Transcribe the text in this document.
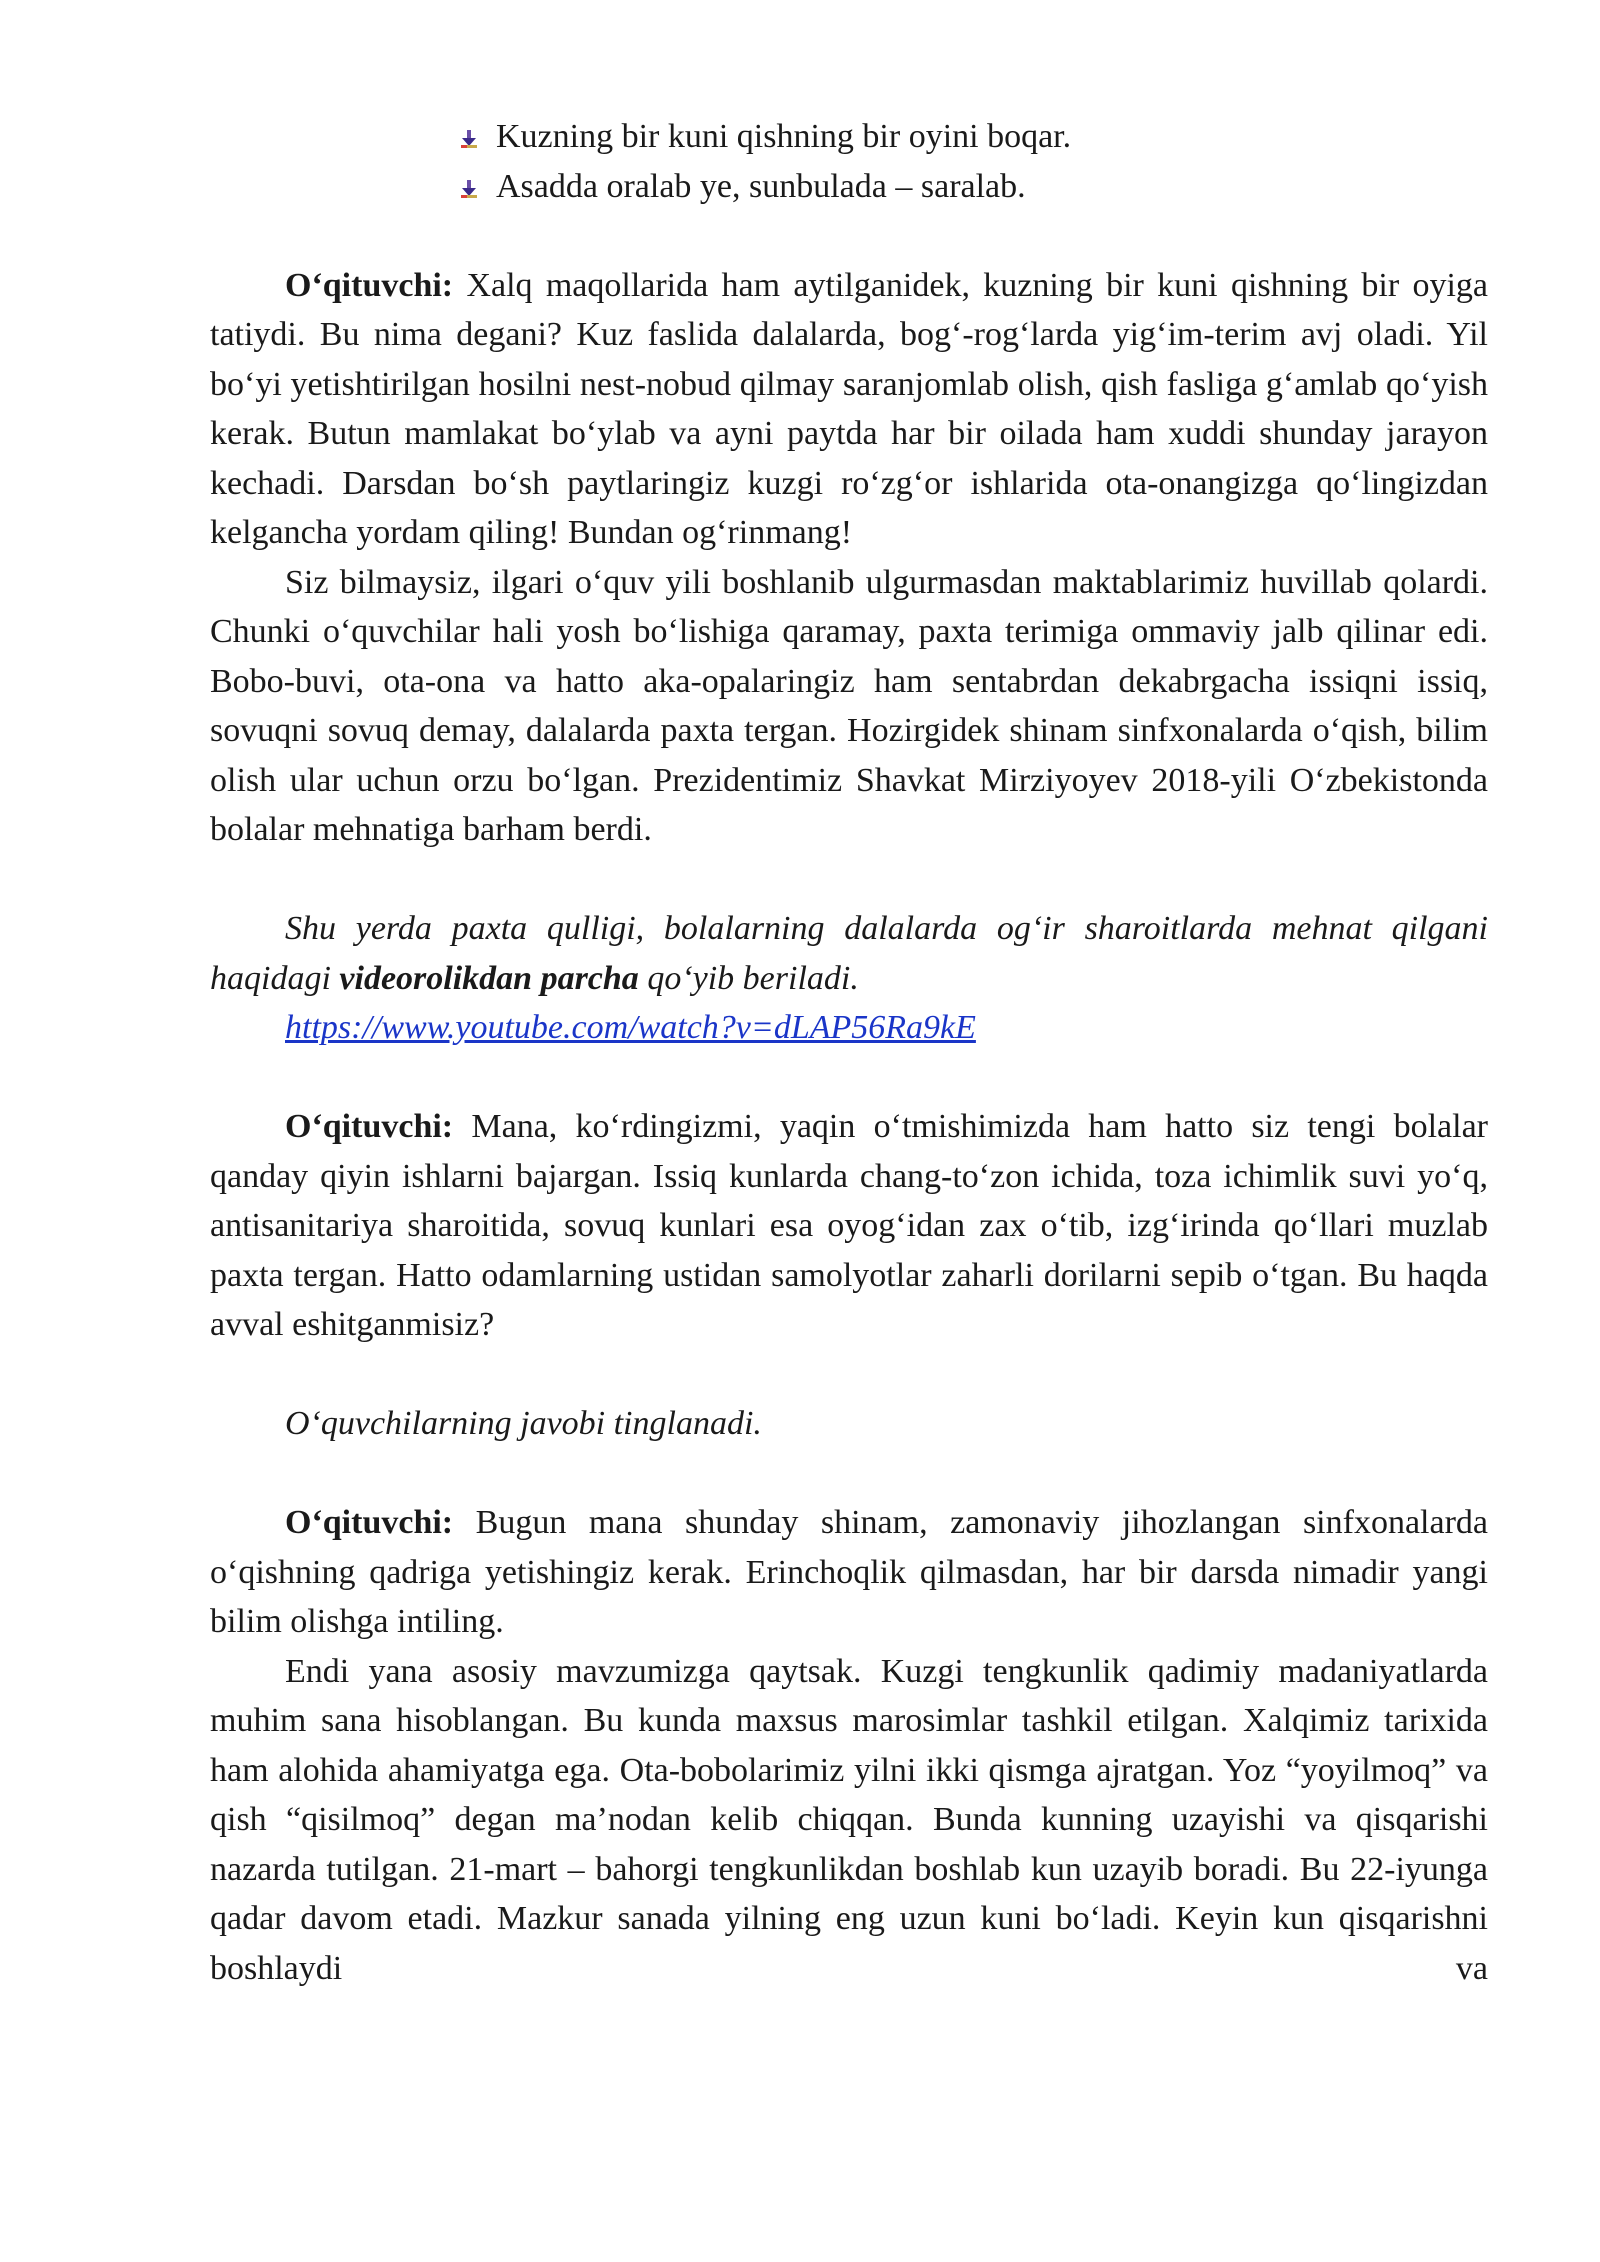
Kuzning bir kuni qishning bir oyini boqar.
Asadda oralab ye, sunbulada – saralab.

O‘qituvchi: Xalq maqollarida ham aytilganidek, kuzning bir kuni qishning bir oyiga tatiydi. Bu nima degani? Kuz faslida dalalarda, bog‘-rog‘larda yig‘im-terim avj oladi. Yil bo‘yi yetishtirilgan hosilni nest-nobud qilmay saranjomlab olish, qish fasliga g‘amlab qo‘yish kerak. Butun mamlakat bo‘ylab va ayni paytda har bir oilada ham xuddi shunday jarayon kechadi. Darsdan bo‘sh paytlaringiz kuzgi ro‘zg‘or ishlarida ota-onangizga qo‘lingizdan kelgancha yordam qiling! Bundan og‘rinmang!

Siz bilmaysiz, ilgari o‘quv yili boshlanib ulgurmasdan maktablarimiz huvillab qolardi. Chunki o‘quvchilar hali yosh bo‘lishiga qaramay, paxta terimiga ommaviy jalb qilinar edi. Bobo-buvi, ota-ona va hatto aka-opalaringiz ham sentabrdan dekabrgacha issiqni issiq, sovuqni sovuq demay, dalalarda paxta tergan. Hozirgidek shinam sinfxonalarda o‘qish, bilim olish ular uchun orzu bo‘lgan. Prezidentimiz Shavkat Mirziyoyev 2018-yili O‘zbekistonda bolalar mehnatiga barham berdi.

Shu yerda paxta qulligi, bolalarning dalalarda og‘ir sharoitlarda mehnat qilgani haqidagi videorolikdan parcha qo‘yib beriladi.

https://www.youtube.com/watch?v=dLAP56Ra9kE

O‘qituvchi: Mana, ko‘rdingizmi, yaqin o‘tmishimizda ham hatto siz tengi bolalar qanday qiyin ishlarni bajargan. Issiq kunlarda chang-to‘zon ichida, toza ichimlik suvi yo‘q, antisanitariya sharoitida, sovuq kunlari esa oyog‘idan zax o‘tib, izg‘irinda qo‘llari muzlab paxta tergan. Hatto odamlarning ustidan samolyotlar zaharli dorilarni sepib o‘tgan. Bu haqda avval eshitganmisiz?

O‘quvchilarning javobi tinglanadi.

O‘qituvchi: Bugun mana shunday shinam, zamonaviy jihozlangan sinfxonalarda o‘qishning qadriga yetishingiz kerak. Erinchoqlik qilmasdan, har bir darsda nimadir yangi bilim olishga intiling.

Endi yana asosiy mavzumizga qaytsak. Kuzgi tengkunlik qadimiy madaniyatlarda muhim sana hisoblangan. Bu kunda maxsus marosimlar tashkil etilgan. Xalqimiz tarixida ham alohida ahamiyatga ega. Ota-bobolarimiz yilni ikki qismga ajratgan. Yoz “yoyilmoq” va qish “qisilmoq” degan ma’nodan kelib chiqqan. Bunda kunning uzayishi va qisqarishi nazarda tutilgan. 21-mart – bahorgi tengkunlikdan boshlab kun uzayib boradi. Bu 22-iyunga qadar davom etadi. Mazkur sanada yilning eng uzun kuni bo‘ladi. Keyin kun qisqarishni boshlaydi va
